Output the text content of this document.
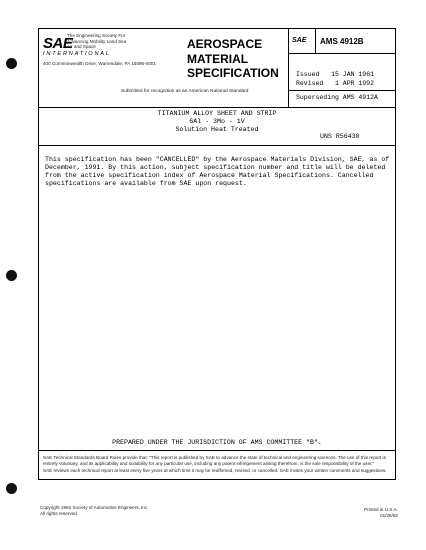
SAE
The Engineering Society For Advancing Mobility Land Sea Air and Space
INTERNATIONAL
400 Commonwealth Drive, Warrendale, PA 15096-0001
AEROSPACE MATERIAL SPECIFICATION
Submitted for recognition as an American National Standard
SAE AMS 4912B
Issued   15 JAN 1961
Revised   1 APR 1992
Superseding AMS 4912A
TITANIUM ALLOY SHEET AND STRIP
6Al - 3Mo - 1V
Solution Heat Treated
UNS R56430
This specification has been "CANCELLED" by the Aerospace Materials Division, SAE, as of December, 1991. By this action, subject specification number and title will be deleted from the active specification index of Aerospace Material Specifications. Cancelled specifications are available from SAE upon request.
PREPARED UNDER THE JURISDICTION OF AMS COMMITTEE "B".
SAE Technical Standards Board Rules provide that: "This report is published by SAE to advance the state of technical and engineering sciences. The use of this report is entirely voluntary, and its applicability and suitability for any particular use, including any patent infringement arising therefrom, is the sole responsibility of the user."
SAE reviews each technical report at least every five years at which time it may be reaffirmed, revised, or cancelled. SAE invites your written comments and suggestions.
Copyright 1992 Society of Automotive Engineers, Inc.
All rights reserved.
Printed in U.S.A.
01/26/92
